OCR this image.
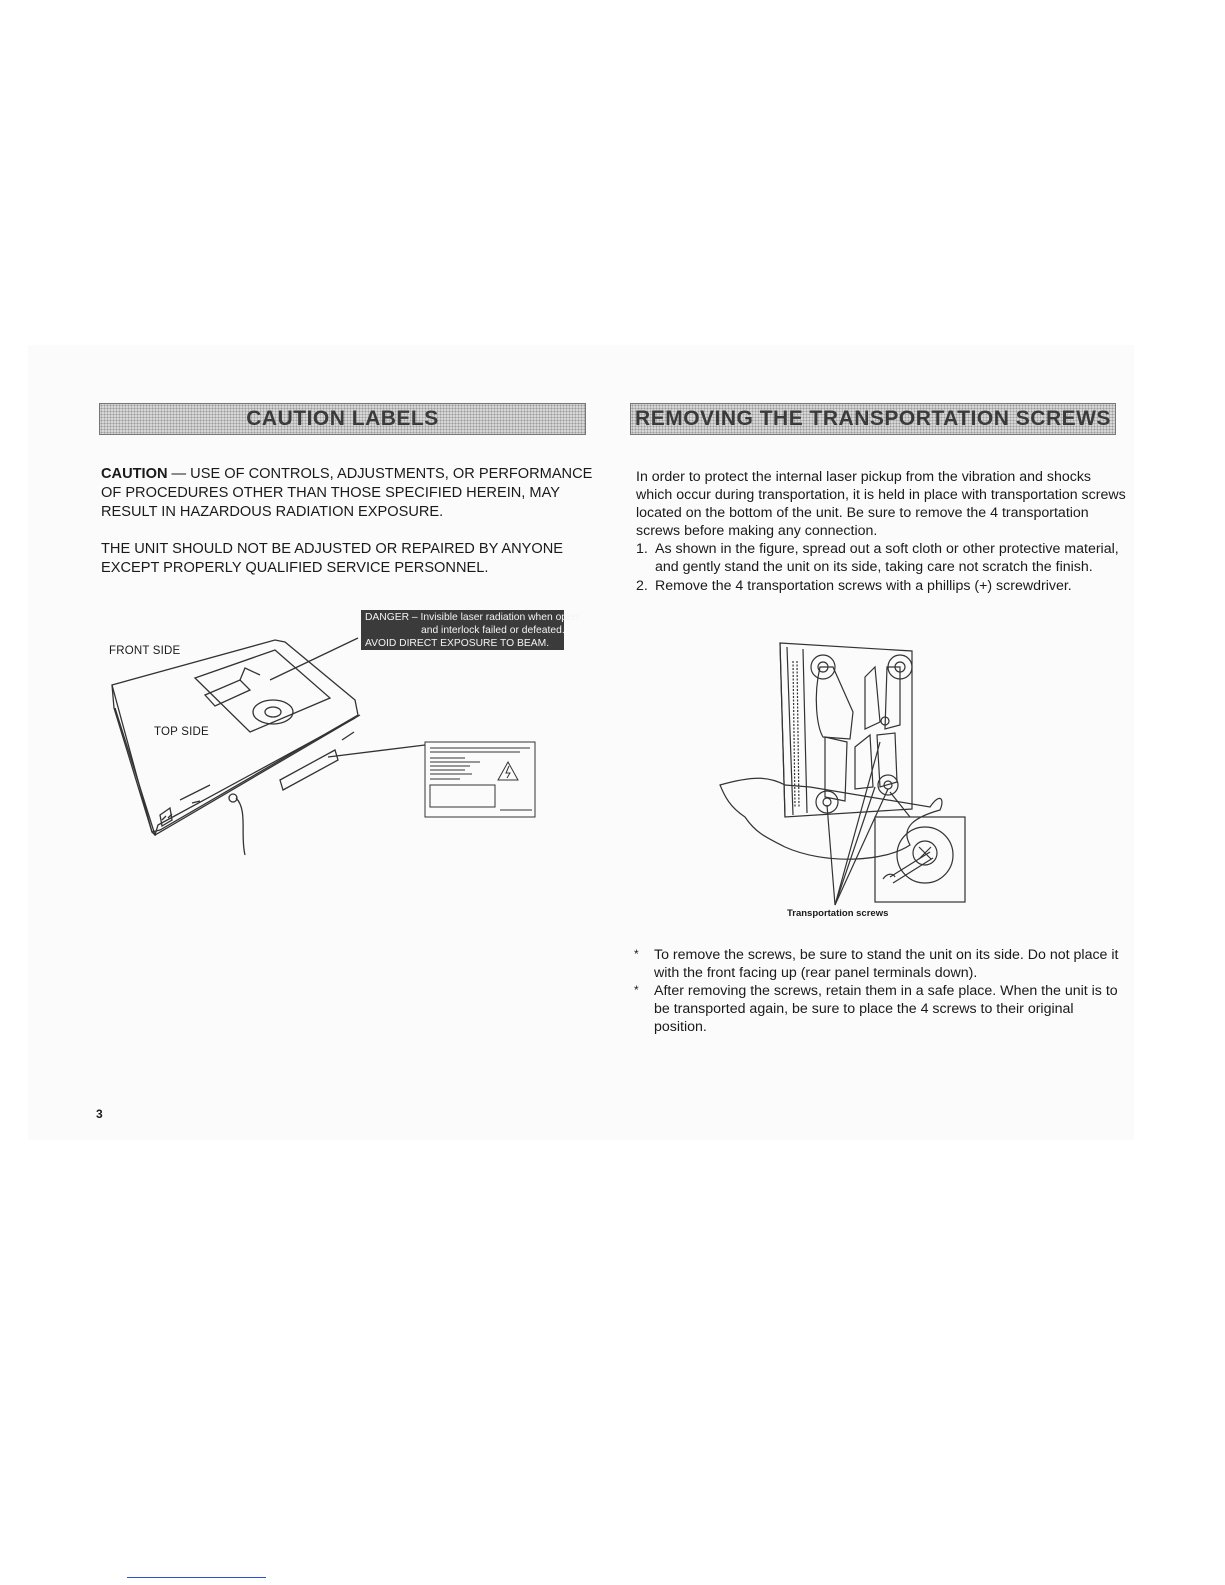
CAUTION LABELS

CAUTION — USE OF CONTROLS, ADJUSTMENTS, OR PERFORMANCE OF PROCEDURES OTHER THAN THOSE SPECIFIED HEREIN, MAY RESULT IN HAZARDOUS RADIATION EXPOSURE.

THE UNIT SHOULD NOT BE ADJUSTED OR REPAIRED BY ANYONE EXCEPT PROPERLY QUALIFIED SERVICE PERSONNEL.

FRONT SIDE
TOP SIDE
DANGER – Invisible laser radiation when open
and interlock failed or defeated.
AVOID DIRECT EXPOSURE TO BEAM.
REMOVING THE TRANSPORTATION SCREWS

In order to protect the internal laser pickup from the vibration and shocks which occur during transportation, it is held in place with transportation screws located on the bottom of the unit. Be sure to remove the 4 transportation screws before making any connection.

1. As shown in the figure, spread out a soft cloth or other protective material, and gently stand the unit on its side, taking care not scratch the finish.
2. Remove the 4 transportation screws with a phillips (+) screwdriver.
Transportation screws
* To remove the screws, be sure to stand the unit on its side. Do not place it with the front facing up (rear panel terminals down).
* After removing the screws, retain them in a safe place. When the unit is to be transported again, be sure to place the 4 screws to their original position.
3
